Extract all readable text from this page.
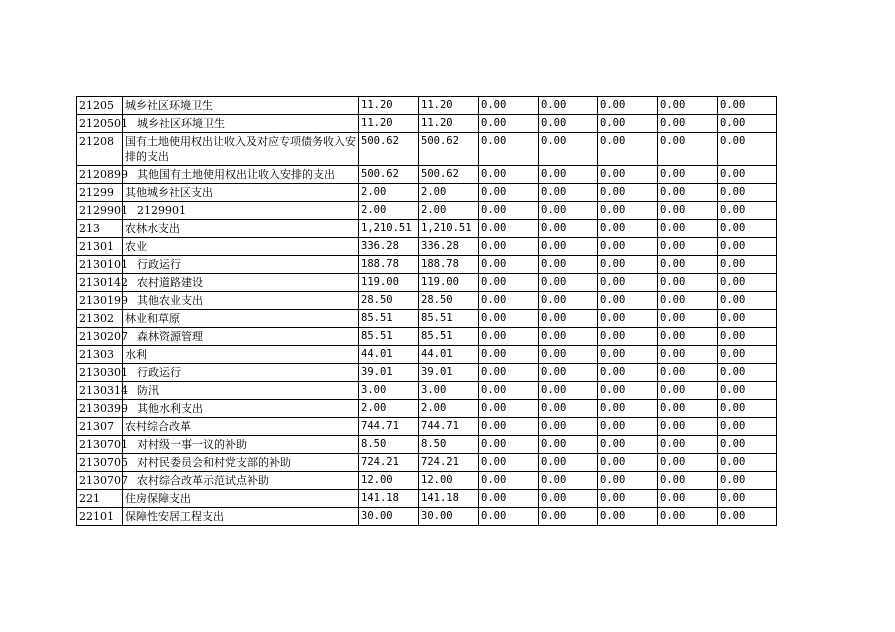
21205	城乡社区环境卫生	11.20	11.20	0.00	0.00	0.00	0.00	0.00
2120501	城乡社区环境卫生	11.20	11.20	0.00	0.00	0.00	0.00	0.00
21208	国有土地使用权出让收入及对应专项债务收入安排的支出	500.62	500.62	0.00	0.00	0.00	0.00	0.00
2120899	其他国有土地使用权出让收入安排的支出	500.62	500.62	0.00	0.00	0.00	0.00	0.00
21299	其他城乡社区支出	2.00	2.00	0.00	0.00	0.00	0.00	0.00
2129901	2129901	2.00	2.00	0.00	0.00	0.00	0.00	0.00
213	农林水支出	1,210.51	1,210.51	0.00	0.00	0.00	0.00	0.00
21301	农业	336.28	336.28	0.00	0.00	0.00	0.00	0.00
2130101	行政运行	188.78	188.78	0.00	0.00	0.00	0.00	0.00
2130142	农村道路建设	119.00	119.00	0.00	0.00	0.00	0.00	0.00
2130199	其他农业支出	28.50	28.50	0.00	0.00	0.00	0.00	0.00
21302	林业和草原	85.51	85.51	0.00	0.00	0.00	0.00	0.00
2130207	森林资源管理	85.51	85.51	0.00	0.00	0.00	0.00	0.00
21303	水利	44.01	44.01	0.00	0.00	0.00	0.00	0.00
2130301	行政运行	39.01	39.01	0.00	0.00	0.00	0.00	0.00
2130314	防汛	3.00	3.00	0.00	0.00	0.00	0.00	0.00
2130399	其他水利支出	2.00	2.00	0.00	0.00	0.00	0.00	0.00
21307	农村综合改革	744.71	744.71	0.00	0.00	0.00	0.00	0.00
2130701	对村级一事一议的补助	8.50	8.50	0.00	0.00	0.00	0.00	0.00
2130705	对村民委员会和村党支部的补助	724.21	724.21	0.00	0.00	0.00	0.00	0.00
2130707	农村综合改革示范试点补助	12.00	12.00	0.00	0.00	0.00	0.00	0.00
221	住房保障支出	141.18	141.18	0.00	0.00	0.00	0.00	0.00
22101	保障性安居工程支出	30.00	30.00	0.00	0.00	0.00	0.00	0.00
